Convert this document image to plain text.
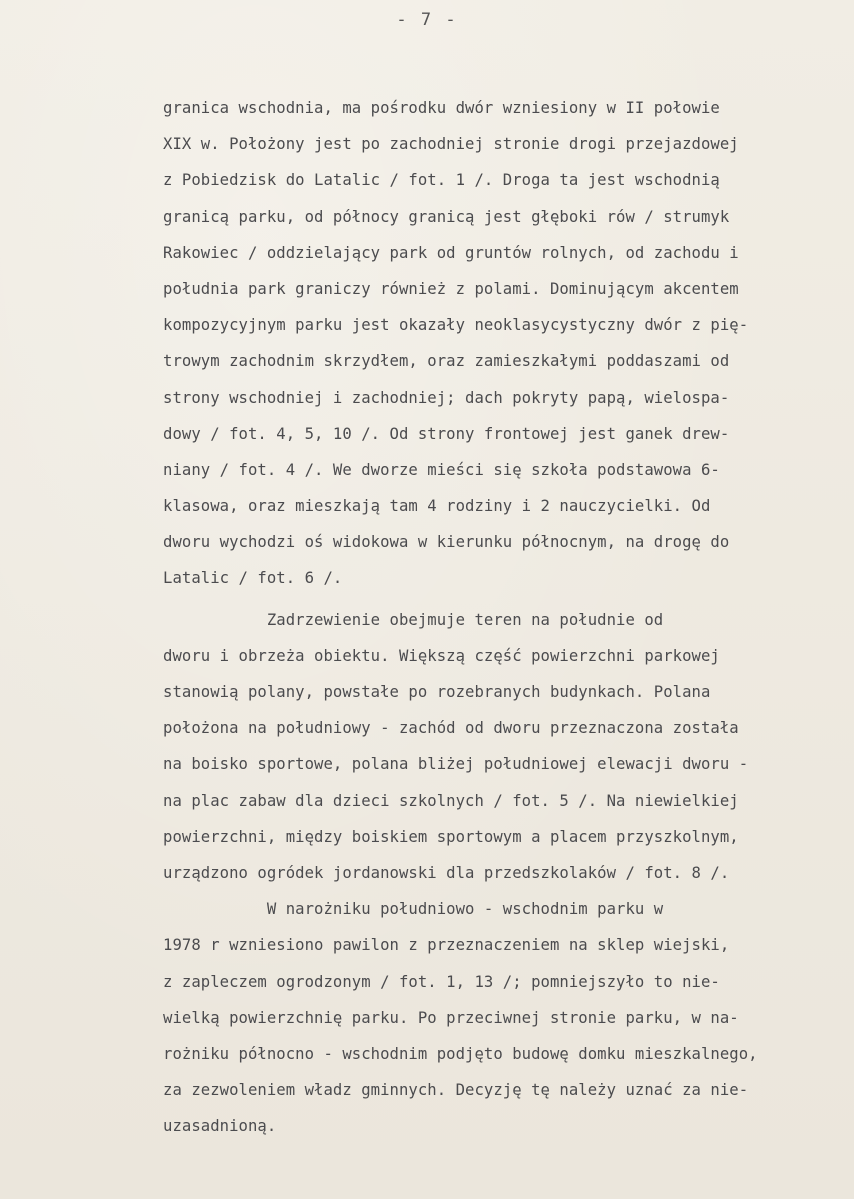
- 7 -
granica wschodnia, ma pośrodku dwór wzniesiony w II połowie
XIX w. Położony jest po zachodniej stronie drogi przejazdowej
z Pobiedzisk do Latalic / fot. 1 /. Droga ta jest wschodnią
granicą parku, od północy granicą jest głęboki rów / strumyk
Rakowiec / oddzielający park od gruntów rolnych, od zachodu i
południa park graniczy również z polami. Dominującym akcentem
kompozycyjnym parku jest okazały neoklasycystyczny dwór z pię-
trowym zachodnim skrzydłem, oraz zamieszkałymi poddaszami od
strony wschodniej i zachodniej; dach pokryty papą, wielospa-
dowy / fot. 4, 5, 10 /. Od strony frontowej jest ganek drew-
niany / fot. 4 /. We dworze mieści się szkoła podstawowa 6-
klasowa, oraz mieszkają tam 4 rodziny i 2 nauczycielki. Od
dworu wychodzi oś widokowa w kierunku północnym, na drogę do
Latalic / fot. 6 /.
Zadrzewienie obejmuje teren na południe od
dworu i obrzeża obiektu. Większą część powierzchni parkowej
stanowią polany, powstałe po rozebranych budynkach. Polana
położona na południowy - zachód od dworu przeznaczona została
na boisko sportowe, polana bliżej południowej elewacji dworu -
na plac zabaw dla dzieci szkolnych / fot. 5 /. Na niewielkiej
powierzchni, między boiskiem sportowym a placem przyszkolnym,
urządzono ogródek jordanowski dla przedszkolaków / fot. 8 /.
W narożniku południowo - wschodnim parku w
1978 r wzniesiono pawilon z przeznaczeniem na sklep wiejski,
z zapleczem ogrodzonym / fot. 1, 13 /; pomniejszyło to nie-
wielką powierzchnię parku. Po przeciwnej stronie parku, w na-
rożniku północno - wschodnim podjęto budowę domku mieszkalnego,
za zezwoleniem władz gminnych. Decyzję tę należy uznać za nie-
uzasadnioną.
